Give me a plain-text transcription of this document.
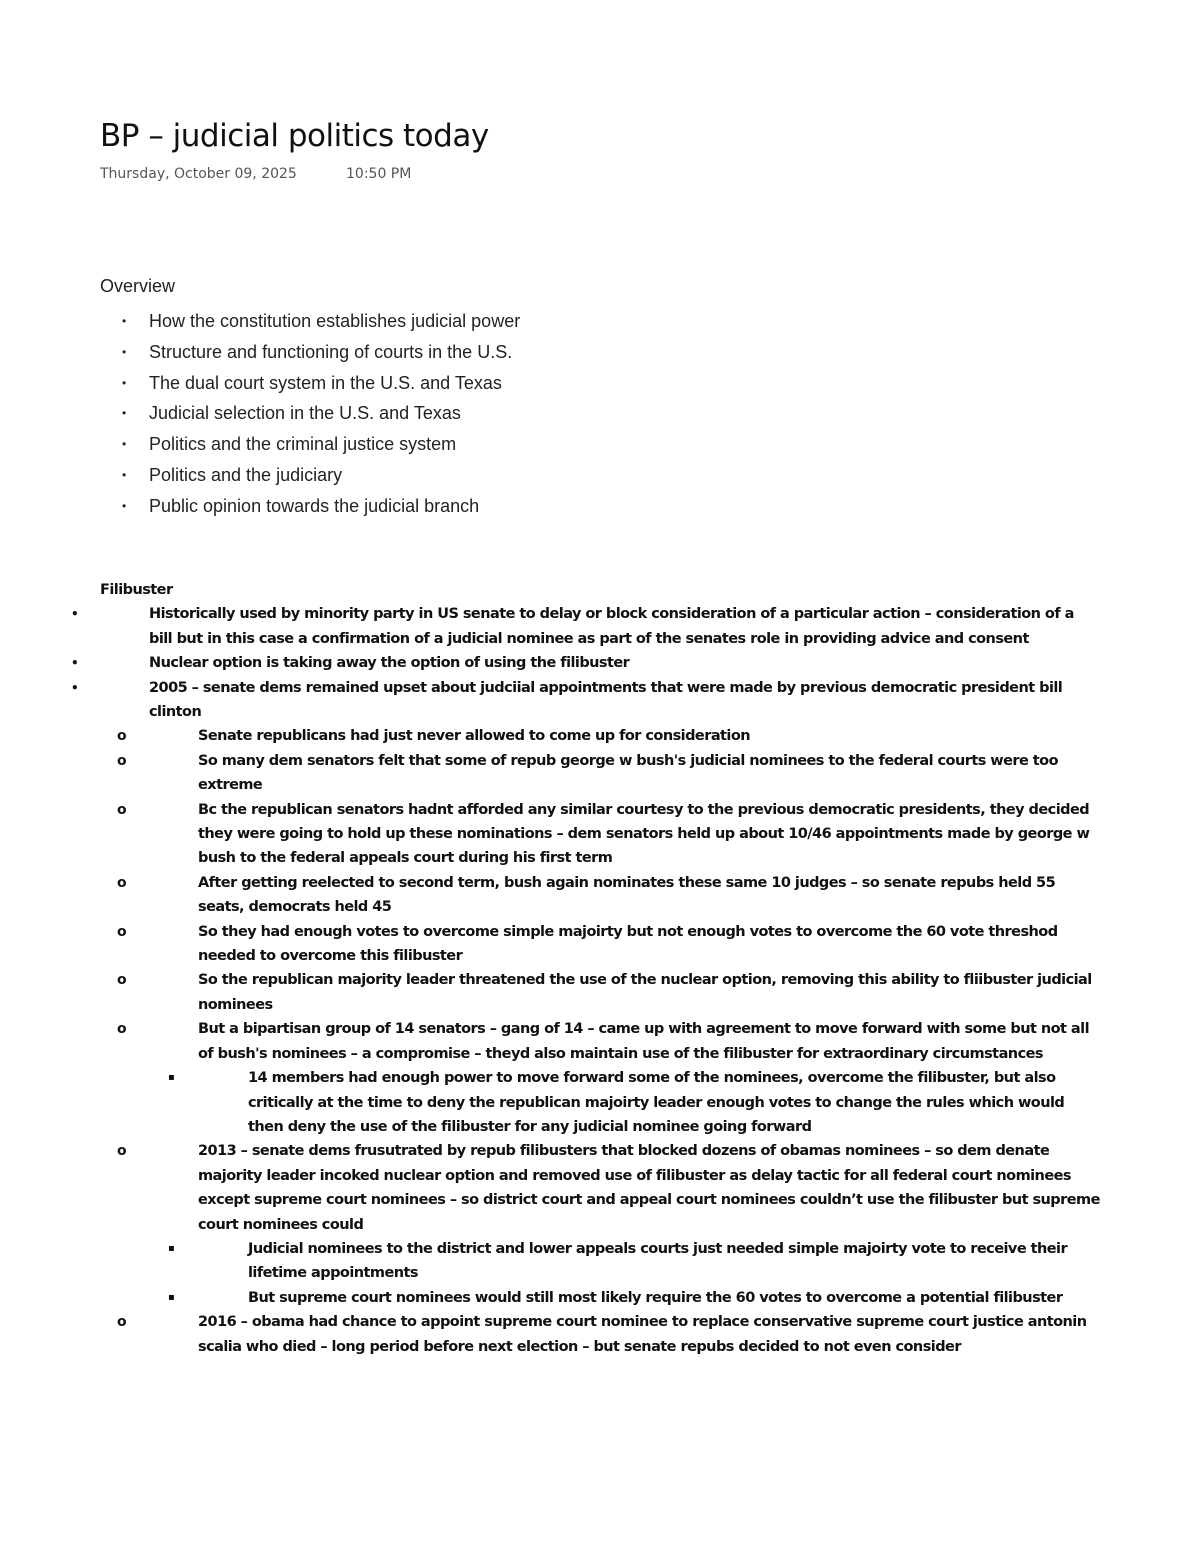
BP – judicial politics today
Thursday, October 09, 2025	10:50 PM
Overview
• How the constitution establishes judicial power
• Structure and functioning of courts in the U.S.
• The dual court system in the U.S. and Texas
• Judicial selection in the U.S. and Texas
• Politics and the criminal justice system
• Politics and the judiciary
• Public opinion towards the judicial branch
Filibuster
•	Historically used by minority party in US senate to delay or block consideration of a particular action – consideration of a bill but in this case a confirmation of a judicial nominee as part of the senates role in providing advice and consent
•	Nuclear option is taking away the option of using the filibuster
•	2005 – senate dems remained upset about judciial appointments that were made by previous democratic president bill clinton
o	Senate republicans had just never allowed to come up for consideration
o	So many dem senators felt that some of repub george w bush's judicial nominees to the federal courts were too extreme
o	Bc the republican senators hadnt afforded any similar courtesy to the previous democratic presidents, they decided they were going to hold up these nominations – dem senators held up about 10/46 appointments made by george w bush to the federal appeals court during his first term
o	After getting reelected to second term, bush again nominates these same 10 judges – so senate repubs held 55 seats, democrats held 45
o	So they had enough votes to overcome simple majoirty but not enough votes to overcome the 60 vote threshod needed to overcome this filibuster
o	So the republican majority leader threatened the use of the nuclear option, removing this ability to fliibuster judicial nominees
o	But a bipartisan group of 14 senators – gang of 14 – came up with agreement to move forward with some but not all of bush's nominees – a compromise – theyd also maintain use of the filibuster for extraordinary circumstances
▪	14 members had enough power to move forward some of the nominees, overcome the filibuster, but also critically at the time to deny the republican majoirty leader enough votes to change the rules which would then deny the use of the filibuster for any judicial nominee going forward
o	2013 – senate dems frusutrated by repub filibusters that blocked dozens of obamas nominees – so dem denate majority leader incoked nuclear option and removed use of filibuster as delay tactic for all federal court nominees except supreme court nominees – so district court and appeal court nominees couldn’t use the filibuster but supreme court nominees could
▪	Judicial nominees to the district and lower appeals courts just needed simple majoirty vote to receive their lifetime appointments
▪	But supreme court nominees would still most likely require the 60 votes to overcome a potential filibuster
o	2016 – obama had chance to appoint supreme court nominee to replace conservative supreme court justice antonin scalia who died – long period before next election – but senate repubs decided to not even consider
